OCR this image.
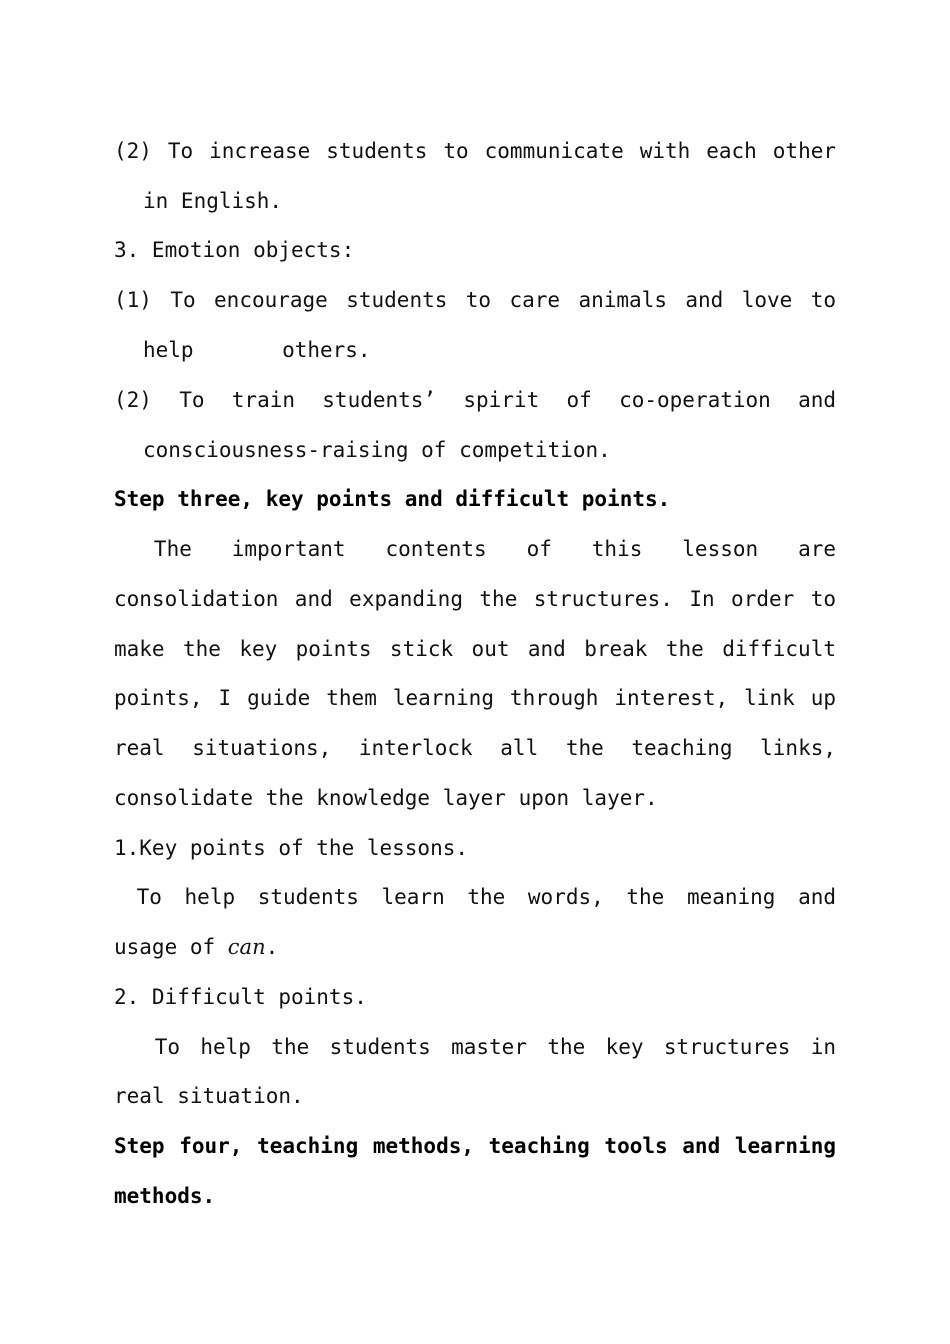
(2) To increase students to communicate with each other
in English.
3. Emotion objects:
(1) To encourage students to care animals and love to
help       others.
(2) To train students’ spirit of co-operation and
consciousness-raising of competition.
Step three, key points and difficult points.
The  important  contents  of  this  lesson  are
consolidation and expanding the structures. In order to
make the key points stick out and break the difficult
points, I guide them learning through interest, link up
real situations, interlock all the teaching links,
consolidate the knowledge layer upon layer.
1.Key points of the lessons.
To help students learn the words, the meaning and
usage of can.
2. Difficult points.
To help the students master the key structures in
real situation.
Step four, teaching methods, teaching tools and learning
methods.
